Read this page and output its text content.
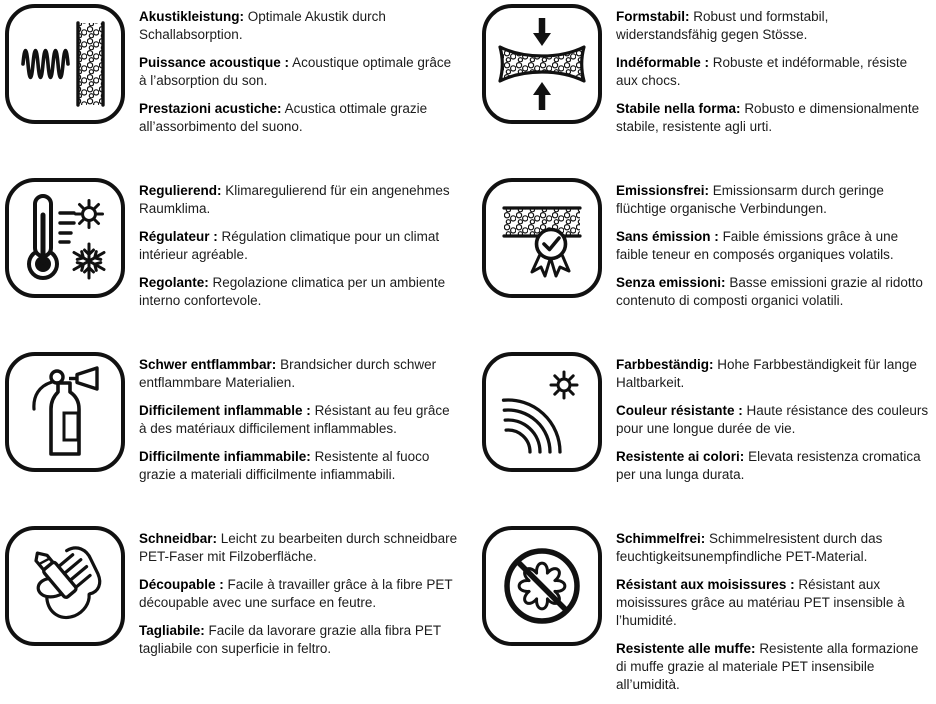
Akustikleistung: Optimale Akustik durch Schallabsorption.

Puissance acoustique : Acoustique optimale grâce à l’absorption du son.

Prestazioni acustiche: Acustica ottimale grazie all’assorbimento del suono.

Formstabil: Robust und formstabil, widerstandsfähig gegen Stösse.

Indéformable : Robuste et indéformable, résiste aux chocs.

Stabile nella forma: Robusto e dimensionalmente stabile, resistente agli urti.

Regulierend: Klimaregulierend für ein angenehmes Raumklima.

Régulateur : Régulation climatique pour un climat intérieur agréable.

Regolante: Regolazione climatica per un ambiente interno confortevole.

Emissionsfrei: Emissionsarm durch geringe flüchtige organische Verbindungen.

Sans émission : Faible émissions grâce à une faible teneur en composés organiques volatils.

Senza emissioni: Basse emissioni grazie al ridotto contenuto di composti organici volatili.

Schwer entflammbar: Brandsicher durch schwer entflammbare Materialien.

Difficilement inflammable : Résistant au feu grâce à des matériaux difficilement inflammables.

Difficilmente infiammabile: Resistente al fuoco grazie a materiali difficilmente infiammabili.

Farbbeständig: Hohe Farbbeständigkeit für lange Haltbarkeit.

Couleur résistante : Haute résistance des couleurs pour une longue durée de vie.

Resistente ai colori: Elevata resistenza cromatica per una lunga durata.

Schneidbar: Leicht zu bearbeiten durch schneidbare PET-Faser mit Filzoberfläche.

Découpable : Facile à travailler grâce à la fibre PET découpable avec une surface en feutre.

Tagliabile: Facile da lavorare grazie alla fibra PET tagliabile con superficie in feltro.

Schimmelfrei: Schimmelresistent durch das feuchtigkeitsunempfindliche PET-Material.

Résistant aux moisissures : Résistant aux moisissures grâce au matériau PET insensible à l’humidité.

Resistente alle muffe: Resistente alla formazione di muffe grazie al materiale PET insensibile all’umidità.
